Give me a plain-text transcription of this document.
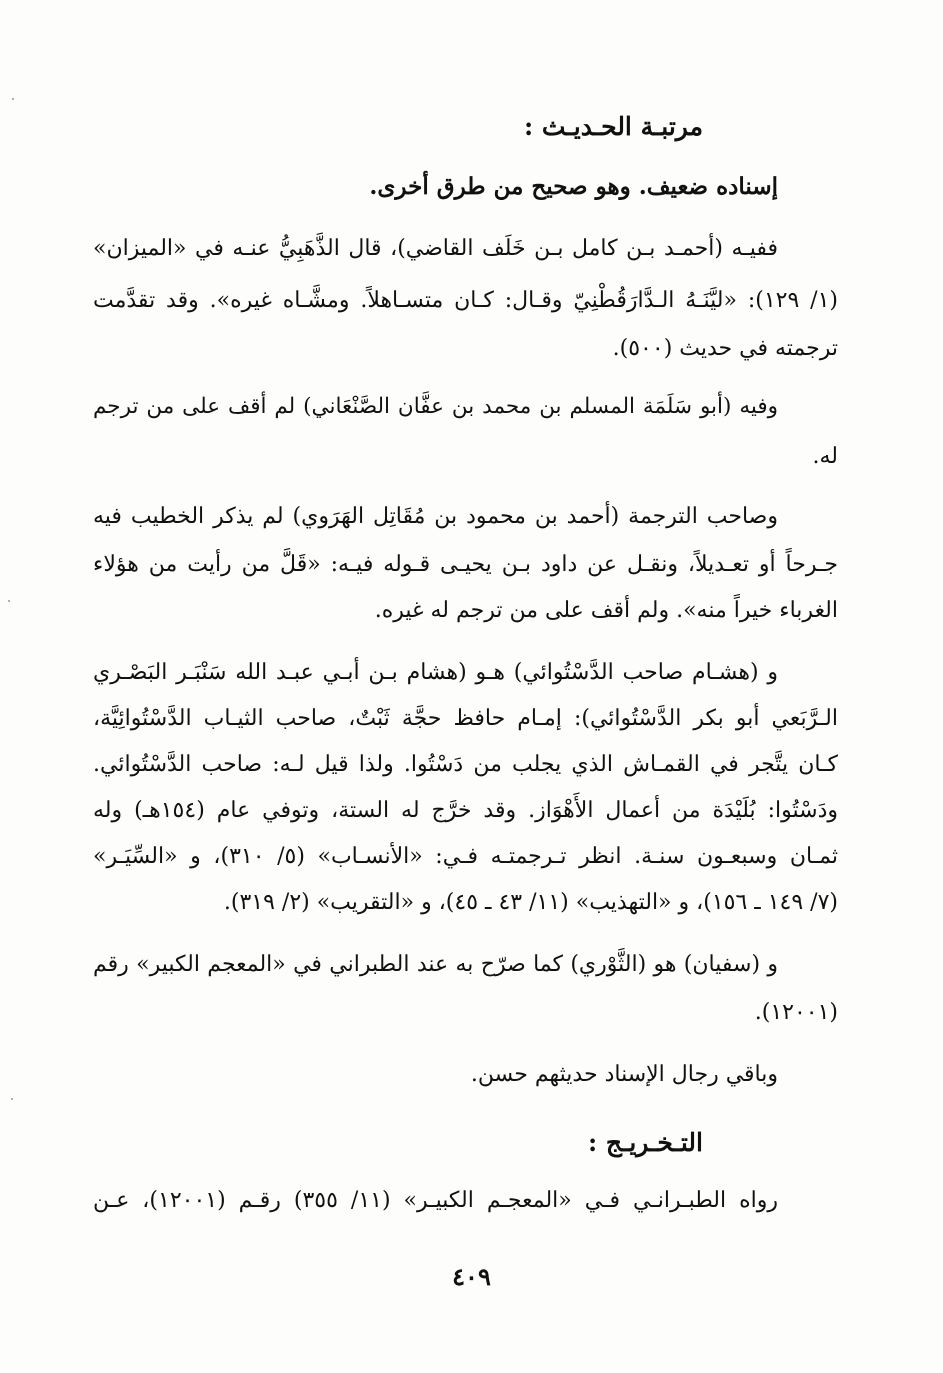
مرتبـة الحـديـث :
إسناده ضعيف. وهو صحيح من طرق أخرى.
ففيـه (أحمـد بـن كامل بـن خَلَف القاضي)، قال الذَّهَبِيُّ عنـه في «الميزان»
(١/ ١٢٩): «ليَّنَـهُ الـدَّارَقُطْنِيّ وقـال: كـان متسـاهلاً. ومشَّـاه غيره». وقد تقدَّمت
ترجمته في حديث (٥٠٠).
وفيه (أبو سَلَمَة المسلم بن محمد بن عفَّان الصَّنْعَاني) لم أقف على من ترجم
له.
وصاحب الترجمة (أحمد بن محمود بن مُقَاتِل الهَرَوي) لم يذكر الخطيب فيه
جـرحاً أو تعـديلاً، ونقـل عن داود بـن يحيـى قـوله فيـه: «قَلَّ من رأيت من هؤلاء
الغرباء خيراً منه». ولم أقف على من ترجم له غيره.
و (هشـام صاحب الدَّسْتُوائي) هـو (هشام بـن أبـي عبـد الله سَنْبَـر البَصْـري
الـرَّبَعي أبو بكر الدَّسْتُوائي): إمـام حافظ حجَّة ثَبْتٌ، صاحب الثيـاب الدَّسْتُوائِيَّة،
كـان يتَّجر في القمـاش الذي يجلب من دَسْتُوا. ولذا قيل لـه: صاحب الدَّسْتُوائي.
ودَسْتُوا: بُلَيْدَة من أعمال الأَهْوَاز. وقد خرَّج له الستة، وتوفي عام (١٥٤هـ) وله
ثمـان وسبعـون سنـة. انظر تـرجمتـه فـي: «الأنسـاب» (٥/ ٣١٠)، و «السِّيَـر»
(٧/ ١٤٩ ـ ١٥٦)، و «التهذيب» (١١/ ٤٣ ـ ٤٥)، و «التقريب» (٢/ ٣١٩).
و (سفيان) هو (الثَّوْري) كما صرّح به عند الطبراني في «المعجم الكبير» رقم
(١٢٠٠١).
وباقي رجال الإسناد حديثهم حسن.
التـخـريـج :
رواه الطبـرانـي فـي «المعجـم الكبيـر» (١١/ ٣٥٥) رقـم (١٢٠٠١)، عـن
٤٠٩
